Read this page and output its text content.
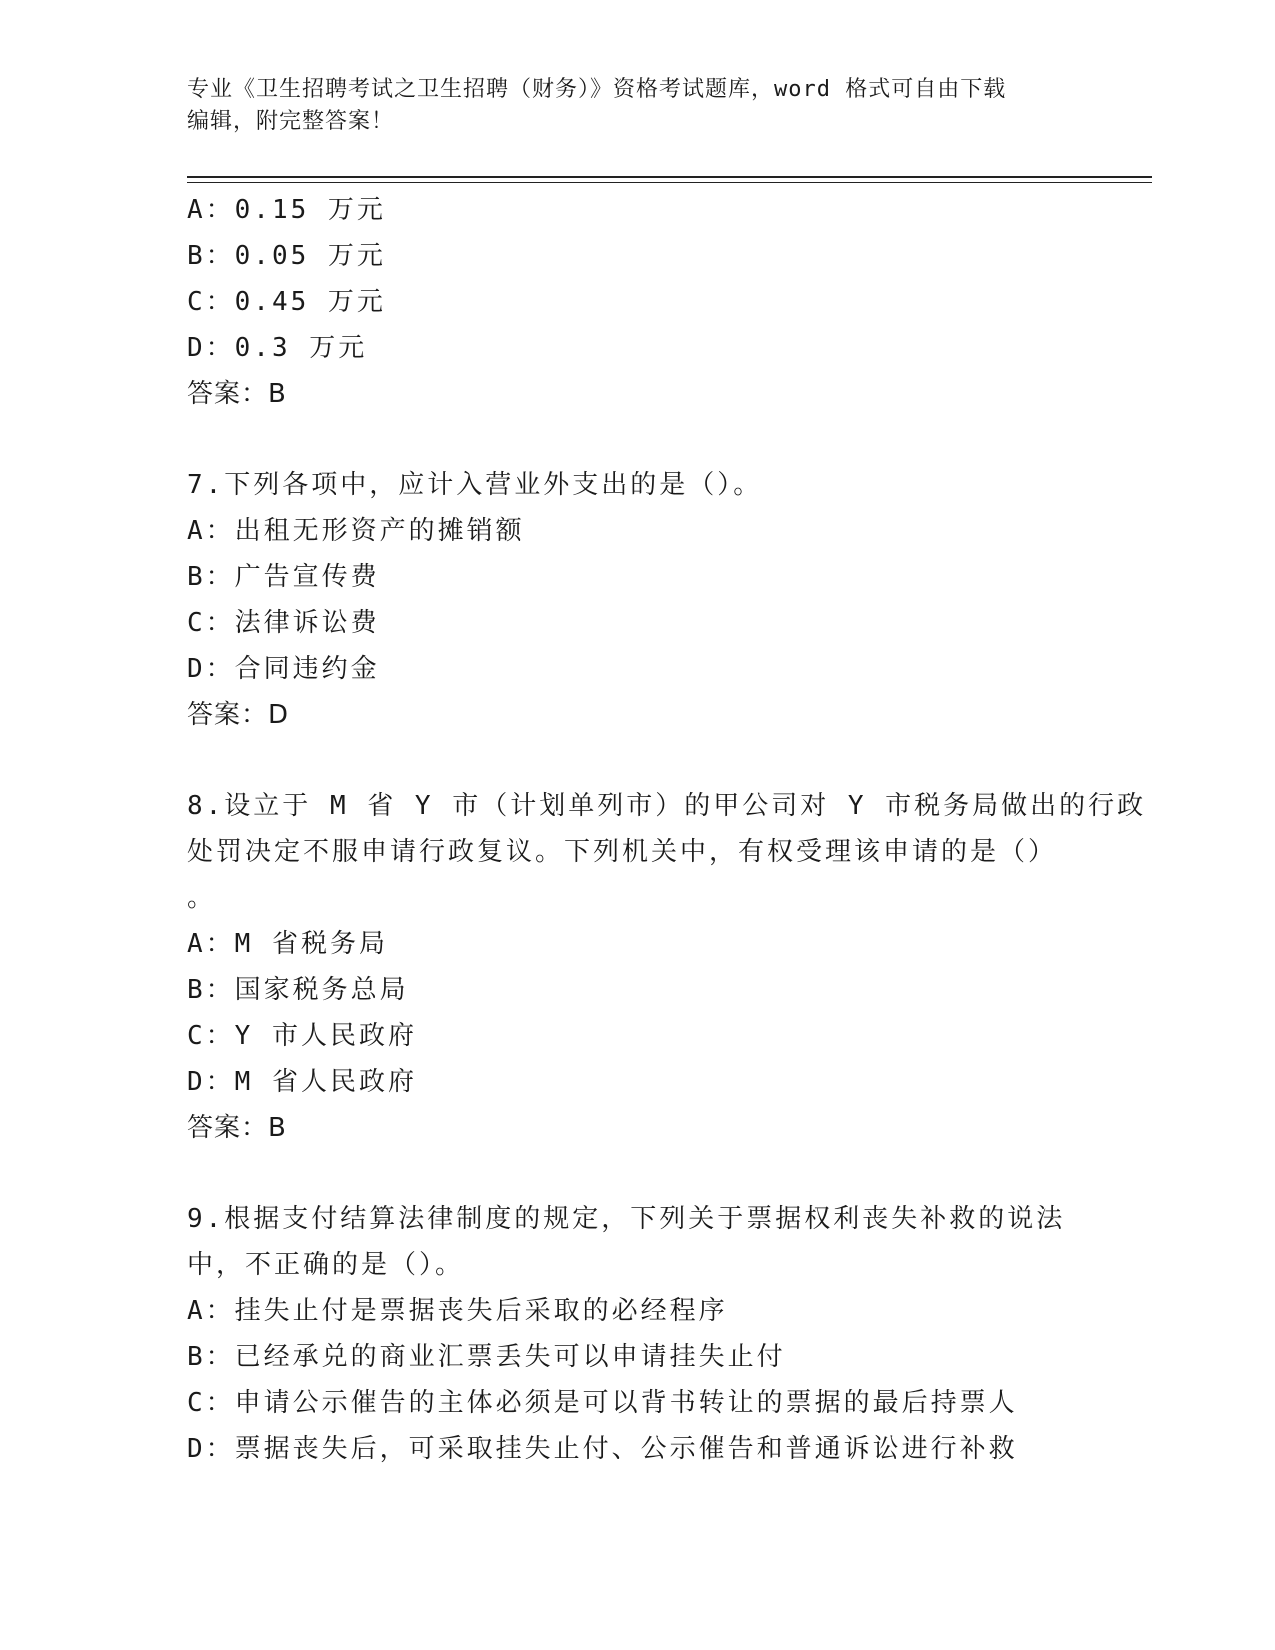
专业《卫生招聘考试之卫生招聘（财务）》资格考试题库，word 格式可自由下载
编辑，附完整答案！
A：0.15 万元
B：0.05 万元
C：0.45 万元
D：0.3 万元
答案：B
7.下列各项中，应计入营业外支出的是（）。
A：出租无形资产的摊销额
B：广告宣传费
C：法律诉讼费
D：合同违约金
答案：D
8.设立于 M 省 Y 市（计划单列市）的甲公司对 Y 市税务局做出的行政
处罚决定不服申请行政复议。下列机关中，有权受理该申请的是（）
。
A：M 省税务局
B：国家税务总局
C：Y 市人民政府
D：M 省人民政府
答案：B
9.根据支付结算法律制度的规定，下列关于票据权利丧失补救的说法
中，不正确的是（）。
A：挂失止付是票据丧失后采取的必经程序
B：已经承兑的商业汇票丢失可以申请挂失止付
C：申请公示催告的主体必须是可以背书转让的票据的最后持票人
D：票据丧失后，可采取挂失止付、公示催告和普通诉讼进行补救
